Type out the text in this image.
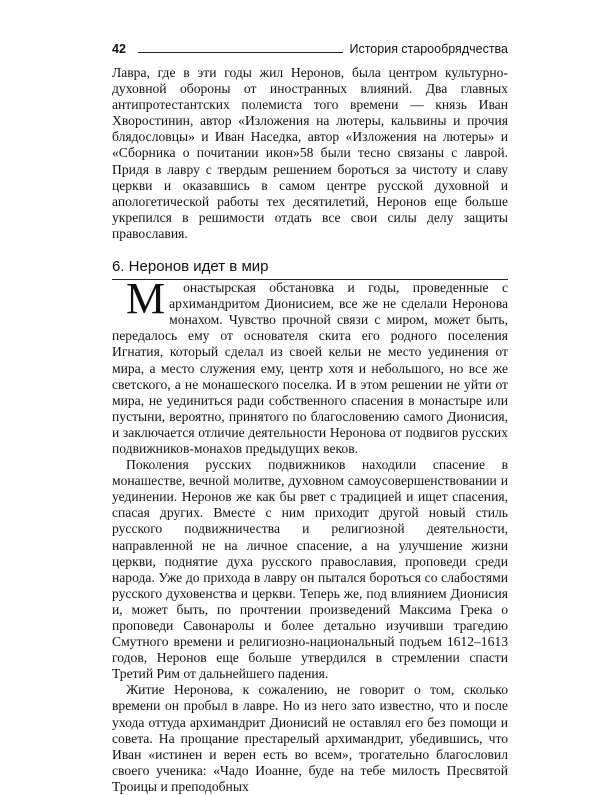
42	История старообрядчества

Лавра, где в эти годы жил Неронов, была центром культурно-духовной обороны от иностранных влияний. Два главных антипротестантских полемиста того времени — князь Иван Хворостинин, автор «Изложения на лютеры, кальвины и прочия блядословцы» и Иван Наседка, автор «Изложения на лютеры» и «Сборника о почитании икон»58 были тесно связаны с лаврой. Придя в лавру с твердым решением бороться за чистоту и славу церкви и оказавшись в самом центре русской духовной и апологетической работы тех десятилетий, Неронов еще больше укрепился в решимости отдать все свои силы делу защиты православия.

6. Неронов идет в мир

М онастырская обстановка и годы, проведенные с архимандритом Дионисием, все же не сделали Неронова монахом. Чувство прочной связи с миром, может быть, передалось ему от основателя скита его родного поселения Игнатия, который сделал из своей кельи не место уединения от мира, а место служения ему, центр хотя и небольшого, но все же светского, а не монашеского поселка. И в этом решении не уйти от мира, не уединиться ради собственного спасения в монастыре или пустыни, вероятно, принятого по благословению самого Дионисия, и заключается отличие деятельности Неронова от подвигов русских подвижников-монахов предыдущих веков.

Поколения русских подвижников находили спасение в монашестве, вечной молитве, духовном самоусовершенствовании и уединении. Неронов же как бы рвет с традицией и ищет спасения, спасая других. Вместе с ним приходит другой новый стиль русского подвижничества и религиозной деятельности, направленной не на личное спасение, а на улучшение жизни церкви, поднятие духа русского православия, проповеди среди народа. Уже до прихода в лавру он пытался бороться со слабостями русского духовенства и церкви. Теперь же, под влиянием Дионисия и, может быть, по прочтении произведений Максима Грека о проповеди Савонаролы и более детально изучивши трагедию Смутного времени и религиозно-национальный подъем 1612–1613 годов, Неронов еще больше утвердился в стремлении спасти Третий Рим от дальнейшего падения.

Житие Неронова, к сожалению, не говорит о том, сколько времени он пробыл в лавре. Но из него зато известно, что и после ухода оттуда архимандрит Дионисий не оставлял его без помощи и совета. На прощание престарелый архимандрит, убедившись, что Иван «истинен и верен есть во всем», трогательно благословил своего ученика: «Чадо Иоанне, буде на тебе милость Пресвятой Троицы и преподобных
